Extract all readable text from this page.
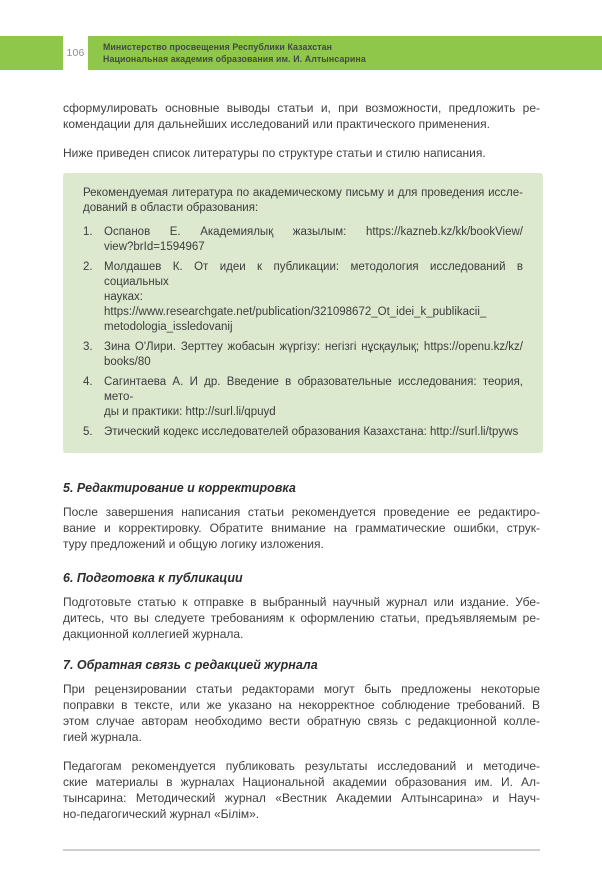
106	Министерство просвещения Республики Казахстан
Национальная академия образования им. И. Алтынсарина
сформулировать основные выводы статьи и, при возможности, предложить ре-
комендации для дальнейших исследований или практического применения.
Ниже приведен список литературы по структуре статьи и стилю написания.
Рекомендуемая литература по академическому письму и для проведения иссле-
дований в области образования:
1. Оспанов Е. Академиялық жазылым: https://kazneb.kz/kk/bookView/
view?brId=1594967
2. Молдашев К. От идеи к публикации: методология исследований в социальных
науках: https://www.researchgate.net/publication/321098672_Ot_idei_k_publikacii_
metodologia_issledovanij
3. Зина О'Лири. Зерттеу жобасын жүргізу: негізгі нұсқаулық; https://openu.kz/kz/
books/80
4. Сагинтаева А. И др. Введение в образовательные исследования: теория, мето-
ды и практики: http://surl.li/qpuyd
5. Этический кодекс исследователей образования Казахстана: http://surl.li/tpyws
5. Редактирование и корректировка
После завершения написания статьи рекомендуется проведение ее редактиро-
вание и корректировку. Обратите внимание на грамматические ошибки, струк-
туру предложений и общую логику изложения.
6. Подготовка к публикации
Подготовьте статью к отправке в выбранный научный журнал или издание. Убе-
дитесь, что вы следуете требованиям к оформлению статьи, предъявляемым ре-
дакционной коллегией журнала.
7. Обратная связь с редакцией журнала
При рецензировании статьи редакторами могут быть предложены некоторые
поправки в тексте, или же указано на некорректное соблюдение требований. В
этом случае авторам необходимо вести обратную связь с редакционной колле-
гией журнала.
Педагогам рекомендуется публиковать результаты исследований и методиче-
ские материалы в журналах Национальной академии образования им. И. Ал-
тынсарина: Методический журнал «Вестник Академии Алтынсарина» и Науч-
но-педагогический журнал «Білім».
